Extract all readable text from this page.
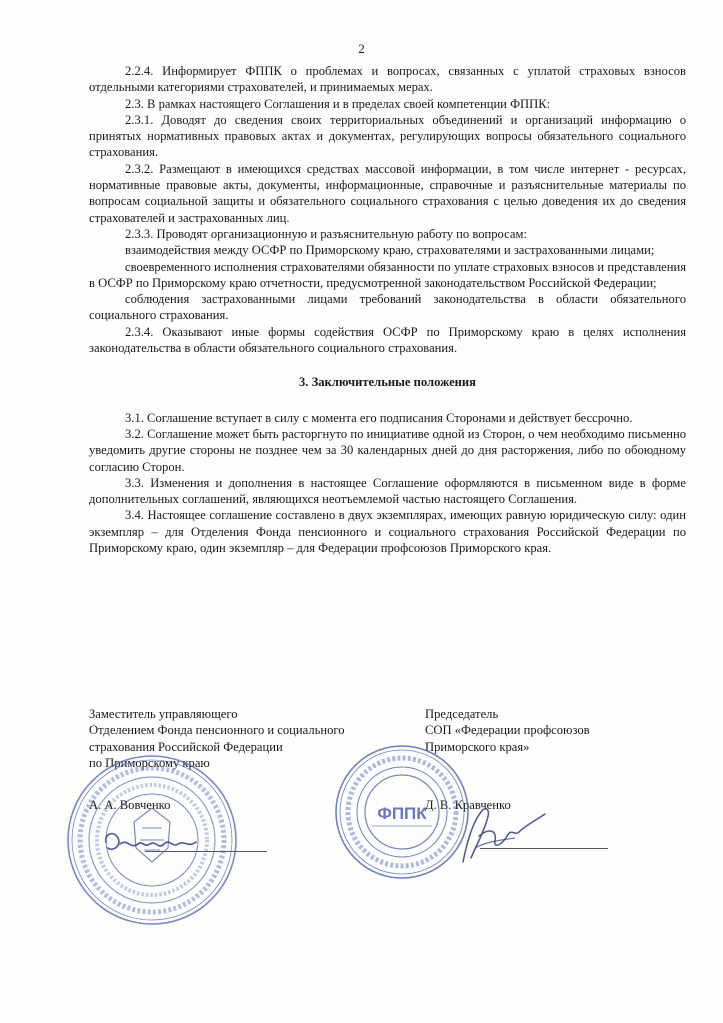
2

2.2.4. Информирует ФППК о проблемах и вопросах, связанных с уплатой страховых взносов отдельными категориями страхователей, и принимаемых мерах.

2.3. В рамках настоящего Соглашения и в пределах своей компетенции ФППК:

2.3.1. Доводят до сведения своих территориальных объединений и организаций информацию о принятых нормативных правовых актах и документах, регулирующих вопросы обязательного социального страхования.

2.3.2. Размещают в имеющихся средствах массовой информации, в том числе интернет - ресурсах, нормативные правовые акты, документы, информационные, справочные и разъяснительные материалы по вопросам социальной защиты и обязательного социального страхования с целью доведения их до сведения страхователей и застрахованных лиц.

2.3.3. Проводят организационную и разъяснительную работу по вопросам:

взаимодействия между ОСФР по Приморскому краю, страхователями и застрахованными лицами;

своевременного исполнения страхователями обязанности по уплате страховых взносов и представления в ОСФР по Приморскому краю отчетности, предусмотренной законодательством Российской Федерации;

соблюдения застрахованными лицами требований законодательства в области обязательного социального страхования.

2.3.4. Оказывают иные формы содействия ОСФР по Приморскому краю в целях исполнения законодательства в области обязательного социального страхования.

3. Заключительные положения

3.1. Соглашение вступает в силу с момента его подписания Сторонами и действует бессрочно.

3.2. Соглашение может быть расторгнуто по инициативе одной из Сторон, о чем необходимо письменно уведомить другие стороны не позднее чем за 30 календарных дней до дня расторжения, либо по обоюдному согласию Сторон.

3.3. Изменения и дополнения в настоящее Соглашение оформляются в письменном виде в форме дополнительных соглашений, являющихся неотъемлемой частью настоящего Соглашения.

3.4. Настоящее соглашение составлено в двух экземплярах, имеющих равную юридическую силу: один экземпляр – для Отделения Фонда пенсионного и социального страхования Российской Федерации по Приморскому краю, один экземпляр – для Федерации профсоюзов Приморского края.

Заместитель управляющего
Отделением Фонда пенсионного и социального
страхования Российской Федерации
по Приморскому краю
А. А. Вовченко
Председатель
СОП «Федерации профсоюзов
Приморского края»
Д. В. Кравченко
ФППК
